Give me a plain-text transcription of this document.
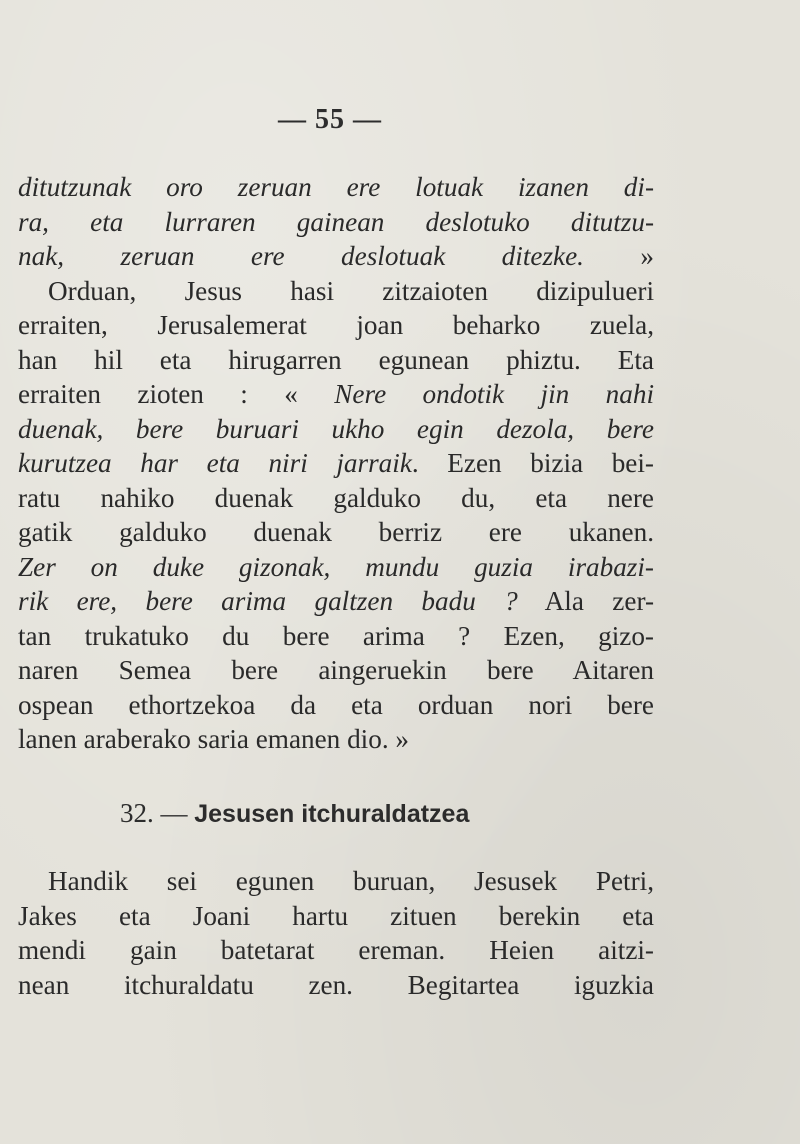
— 55 —
ditutzunak oro zeruan ere lotuak izanen di-
ra, eta lurraren gainean deslotuko ditutzu-
nak, zeruan ere deslotuak ditezke. »
Orduan, Jesus hasi zitzaioten dizipulueri
erraiten, Jerusalemerat joan beharko zuela,
han hil eta hirugarren egunean phiztu. Eta
erraiten zioten : « Nere ondotik jin nahi
duenak, bere buruari ukho egin dezola, bere
kurutzea har eta niri jarraik. Ezen bizia bei-
ratu nahiko duenak galduko du, eta nere
gatik galduko duenak berriz ere ukanen.
Zer on duke gizonak, mundu guzia irabazi-
rik ere, bere arima galtzen badu ? Ala zer-
tan trukatuko du bere arima ? Ezen, gizo-
naren Semea bere aingeruekin bere Aitaren
ospean ethortzekoa da eta orduan nori bere
lanen araberako saria emanen dio. »
32. — Jesusen itchuraldatzea
Handik sei egunen buruan, Jesusek Petri,
Jakes eta Joani hartu zituen berekin eta
mendi gain batetarat ereman. Heien aitzi-
nean itchuraldatu zen. Begitartea iguzkia
